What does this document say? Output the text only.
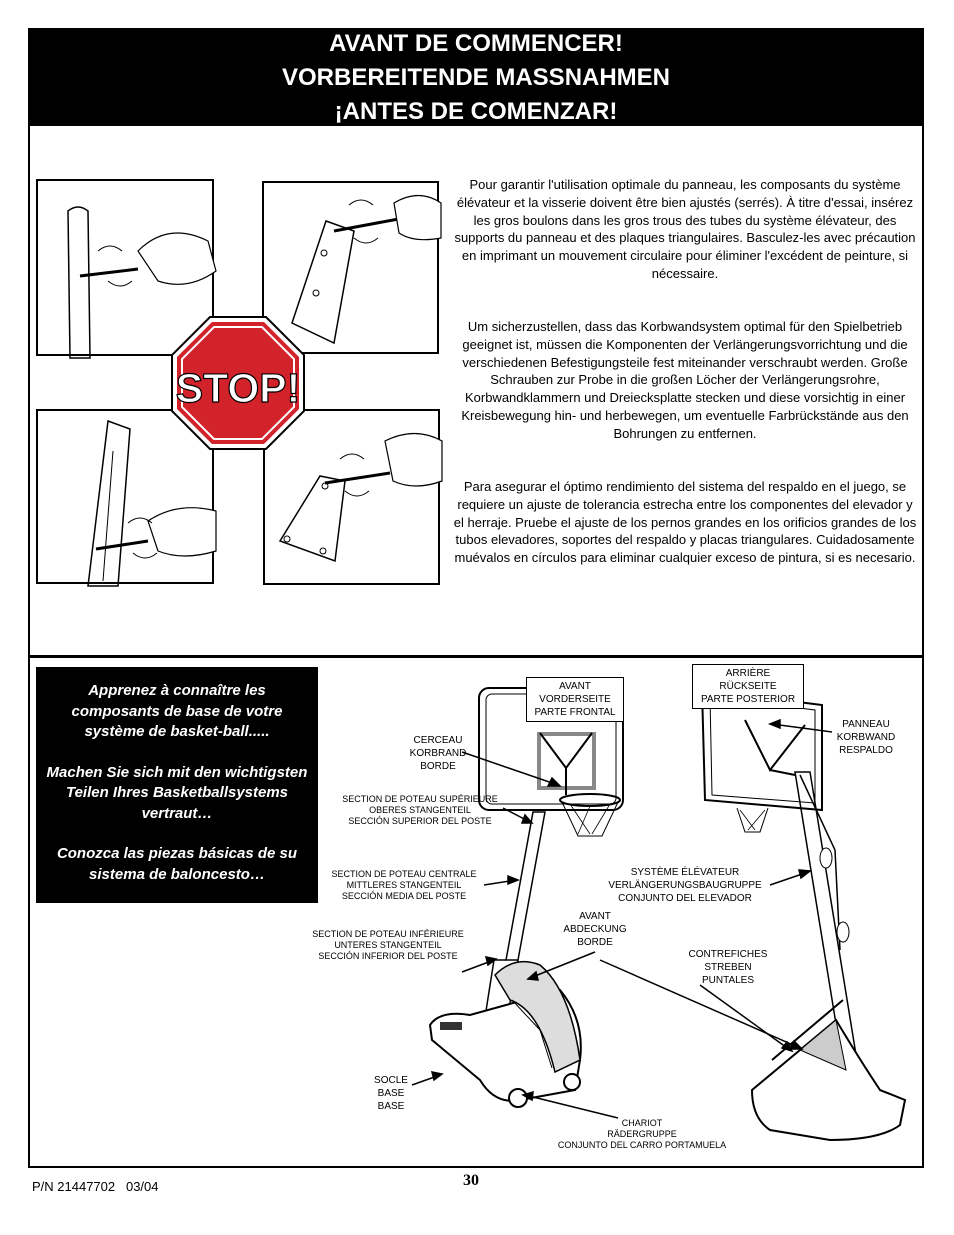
AVANT DE COMMENCER!
VORBEREITENDE MASSNAHMEN
¡ANTES DE COMENZAR!
STOP!
Pour garantir l'utilisation optimale du panneau, les composants du système élévateur et la visserie doivent être bien ajustés (serrés). À titre d'essai, insérez les gros boulons dans les gros trous des tubes du système élévateur, des supports du panneau et des plaques triangulaires. Basculez-les avec précaution en imprimant un mouvement circulaire pour éliminer l'excédent de peinture, si nécessaire.
Um sicherzustellen, dass das Korbwandsystem optimal für den Spielbetrieb geeignet ist, müssen die Komponenten der Verlängerungsvorrichtung und die verschiedenen Befestigungsteile fest miteinander verschraubt werden. Große Schrauben zur Probe in die großen Löcher der Verlängerungsrohre, Korbwandklammern und Dreiecksplatte stecken und diese vorsichtig in einer Kreisbewegung hin- und herbewegen, um eventuelle Farbrückstände aus den Bohrungen zu entfernen.
Para asegurar el óptimo rendimiento del sistema del respaldo en el juego, se requiere un ajuste de tolerancia estrecha entre los componentes del elevador y el herraje. Pruebe el ajuste de los pernos grandes en los orificios grandes de los tubos elevadores, soportes del respaldo y placas triangulares. Cuidadosamente muévalos en círculos para eliminar cualquier exceso de pintura, si es necesario.

Apprenez à connaître les composants de base de votre système de basket-ball.....

Machen Sie sich mit den wichtigsten Teilen Ihres Basketballsystems vertraut…

Conozca las piezas básicas de su sistema de baloncesto…

AVANT
VORDERSEITE
PARTE FRONTAL
ARRIÈRE
RÜCKSEITE
PARTE POSTERIOR
CERCEAU
KORBRAND
BORDE
PANNEAU
KORBWAND
RESPALDO
SECTION DE POTEAU SUPÉRIEURE
OBERES STANGENTEIL
SECCIÓN SUPERIOR DEL POSTE
SECTION DE POTEAU CENTRALE
MITTLERES STANGENTEIL
SECCIÓN MEDIA DEL POSTE
SECTION DE POTEAU INFÉRIEURE
UNTERES STANGENTEIL
SECCIÓN INFERIOR DEL POSTE
SYSTÈME ÉLÉVATEUR
VERLÄNGERUNGSBAUGRUPPE
CONJUNTO DEL ELEVADOR
AVANT
ABDECKUNG
BORDE
CONTREFICHES
STREBEN
PUNTALES
SOCLE
BASE
BASE
CHARIOT
RÄDERGRUPPE
CONJUNTO DEL CARRO PORTAMUELA
P/N 21447702   03/04	30
